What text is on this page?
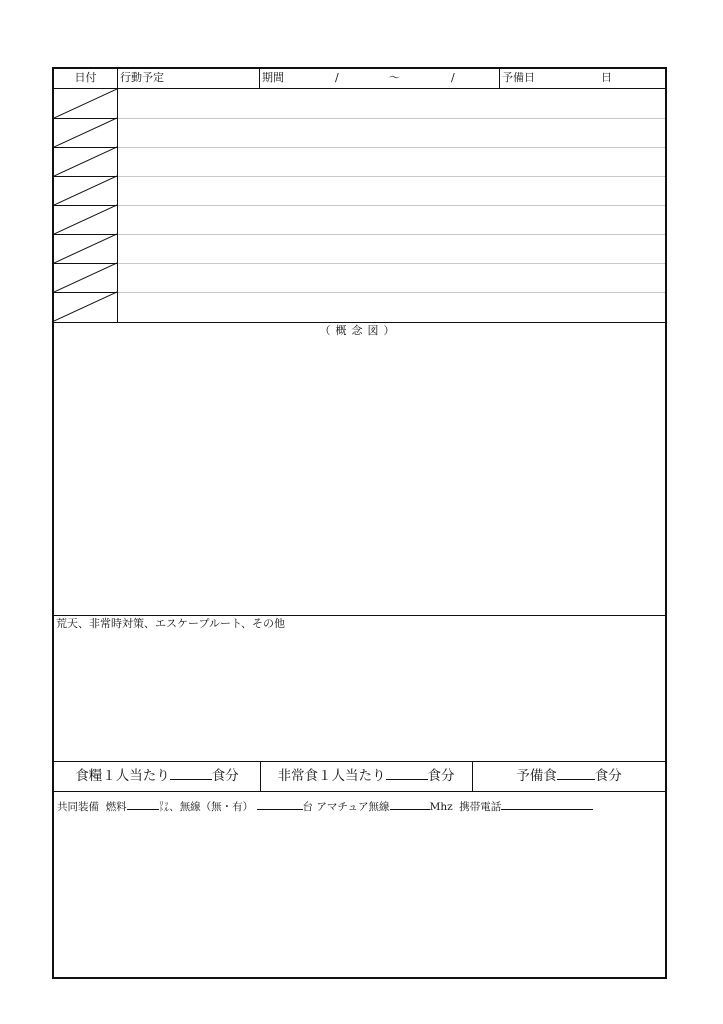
日付	行動予定	期間	/	〜	/	予備日	日
（概念図）
荒天、非常時対策、エスケープルート、その他
食糧１人当たり	食分	非常食１人当たり	食分	予備食	食分
共同装備 燃料	㍑、無線（無・有）	台 アマチュア無線	Mhz 携帯電話
